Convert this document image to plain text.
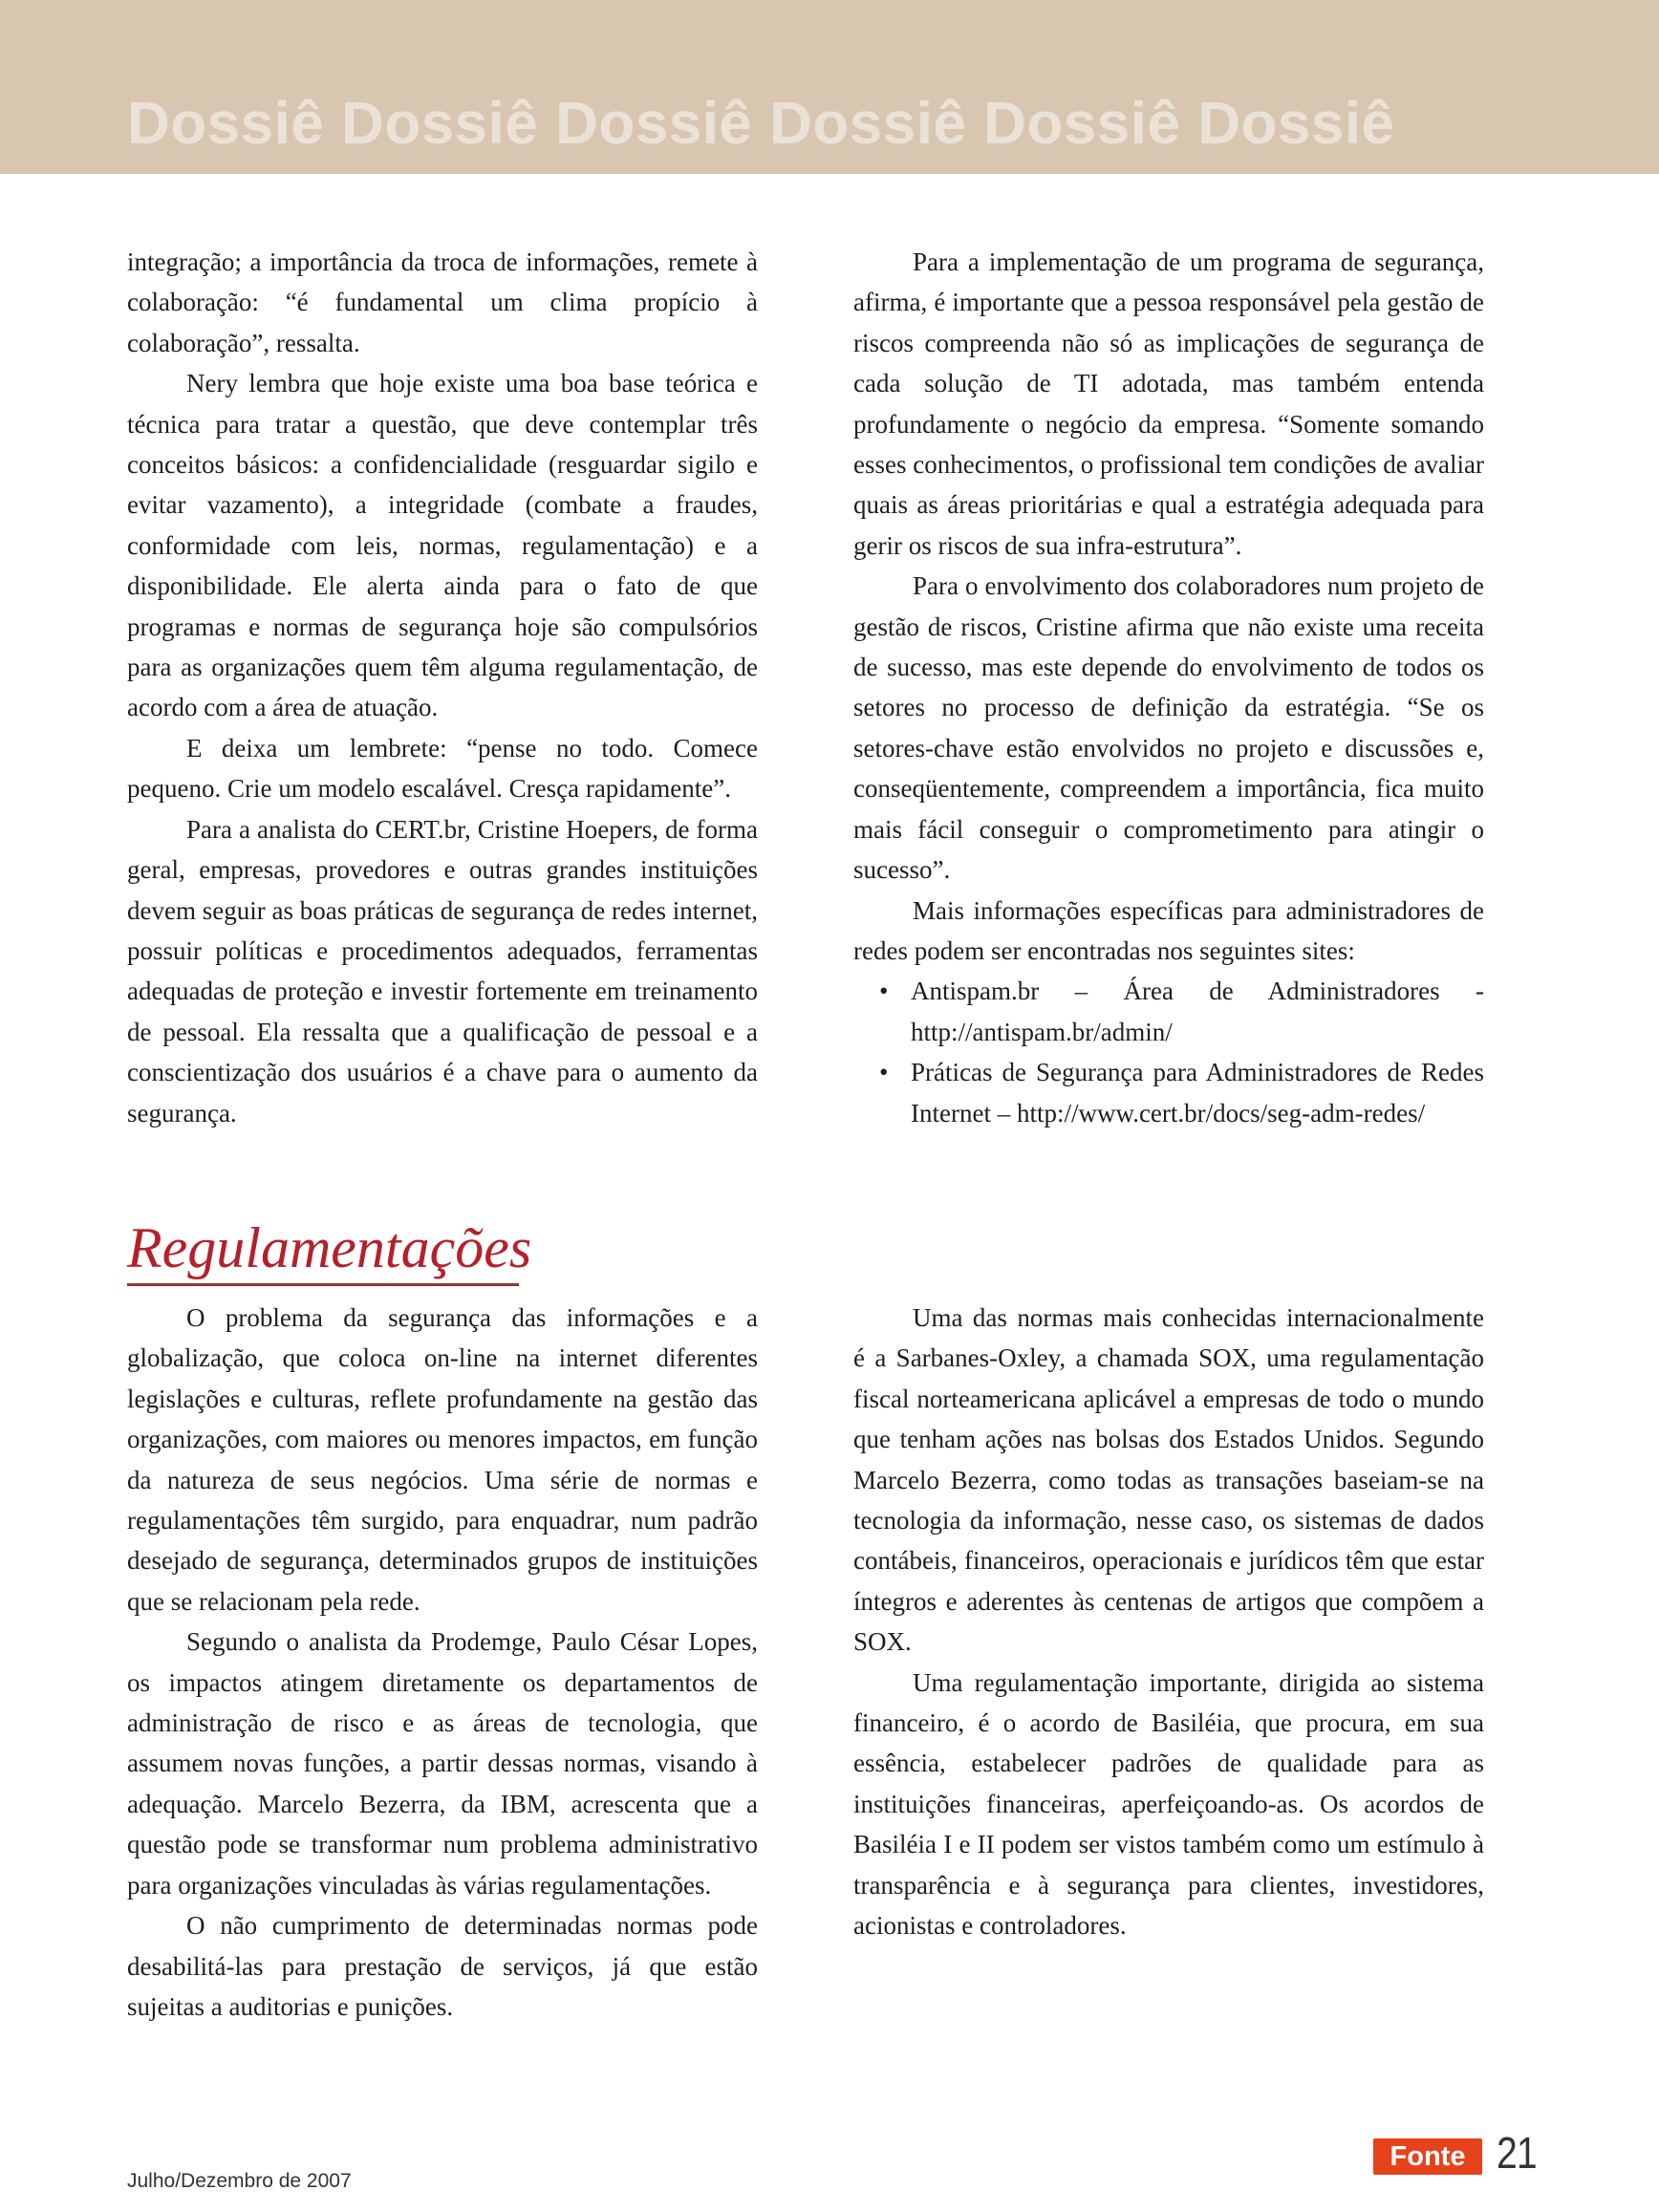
Dossiê Dossiê Dossiê Dossiê Dossiê Dossiê

integração; a importância da troca de informações, remete à colaboração: “é fundamental um clima propício à colaboração”, ressalta.

Nery lembra que hoje existe uma boa base teórica e técnica para tratar a questão, que deve contemplar três conceitos básicos: a confidencialidade (resguardar sigilo e evitar vazamento), a integridade (combate a fraudes, conformidade com leis, normas, regulamentação) e a disponibilidade. Ele alerta ainda para o fato de que programas e normas de segurança hoje são compulsórios para as organizações quem têm alguma regulamentação, de acordo com a área de atuação.

E deixa um lembrete: “pense no todo. Comece pequeno. Crie um modelo escalável. Cresça rapidamente”.

Para a analista do CERT.br, Cristine Hoepers, de forma geral, empresas, provedores e outras grandes instituições devem seguir as boas práticas de segurança de redes internet, possuir políticas e procedimentos adequados, ferramentas adequadas de proteção e investir fortemente em treinamento de pessoal. Ela ressalta que a qualificação de pessoal e a conscientização dos usuários é a chave para o aumento da segurança.

Para a implementação de um programa de segurança, afirma, é importante que a pessoa responsável pela gestão de riscos compreenda não só as implicações de segurança de cada solução de TI adotada, mas também entenda profundamente o negócio da empresa. “Somente somando esses conhecimentos, o profissional tem condições de avaliar quais as áreas prioritárias e qual a estratégia adequada para gerir os riscos de sua infra-estrutura”.

Para o envolvimento dos colaboradores num projeto de gestão de riscos, Cristine afirma que não existe uma receita de sucesso, mas este depende do envolvimento de todos os setores no processo de definição da estratégia. “Se os setores-chave estão envolvidos no projeto e discussões e, conseqüentemente, compreendem a importância, fica muito mais fácil conseguir o comprometimento para atingir o sucesso”.

Mais informações específicas para administradores de redes podem ser encontradas nos seguintes sites:

• Antispam.br – Área de Administradores - http://antispam.br/admin/
• Práticas de Segurança para Administradores de Redes Internet – http://www.cert.br/docs/seg-adm-redes/
Regulamentações

O problema da segurança das informações e a globalização, que coloca on-line na internet diferentes legislações e culturas, reflete profundamente na gestão das organizações, com maiores ou menores impactos, em função da natureza de seus negócios. Uma série de normas e regulamentações têm surgido, para enquadrar, num padrão desejado de segurança, determinados grupos de instituições que se relacionam pela rede.

Segundo o analista da Prodemge, Paulo César Lopes, os impactos atingem diretamente os departamentos de administração de risco e as áreas de tecnologia, que assumem novas funções, a partir dessas normas, visando à adequação. Marcelo Bezerra, da IBM, acrescenta que a questão pode se transformar num problema administrativo para organizações vinculadas às várias regulamentações.

O não cumprimento de determinadas normas pode desabilitá-las para prestação de serviços, já que estão sujeitas a auditorias e punições.

Uma das normas mais conhecidas internacionalmente é a Sarbanes-Oxley, a chamada SOX, uma regulamentação fiscal norteamericana aplicável a empresas de todo o mundo que tenham ações nas bolsas dos Estados Unidos. Segundo Marcelo Bezerra, como todas as transações baseiam-se na tecnologia da informação, nesse caso, os sistemas de dados contábeis, financeiros, operacionais e jurídicos têm que estar íntegros e aderentes às centenas de artigos que compõem a SOX.

Uma regulamentação importante, dirigida ao sistema financeiro, é o acordo de Basiléia, que procura, em sua essência, estabelecer padrões de qualidade para as instituições financeiras, aperfeiçoando-as. Os acordos de Basiléia I e II podem ser vistos também como um estímulo à transparência e à segurança para clientes, investidores, acionistas e controladores.

Julho/Dezembro de 2007
Fonte 21
